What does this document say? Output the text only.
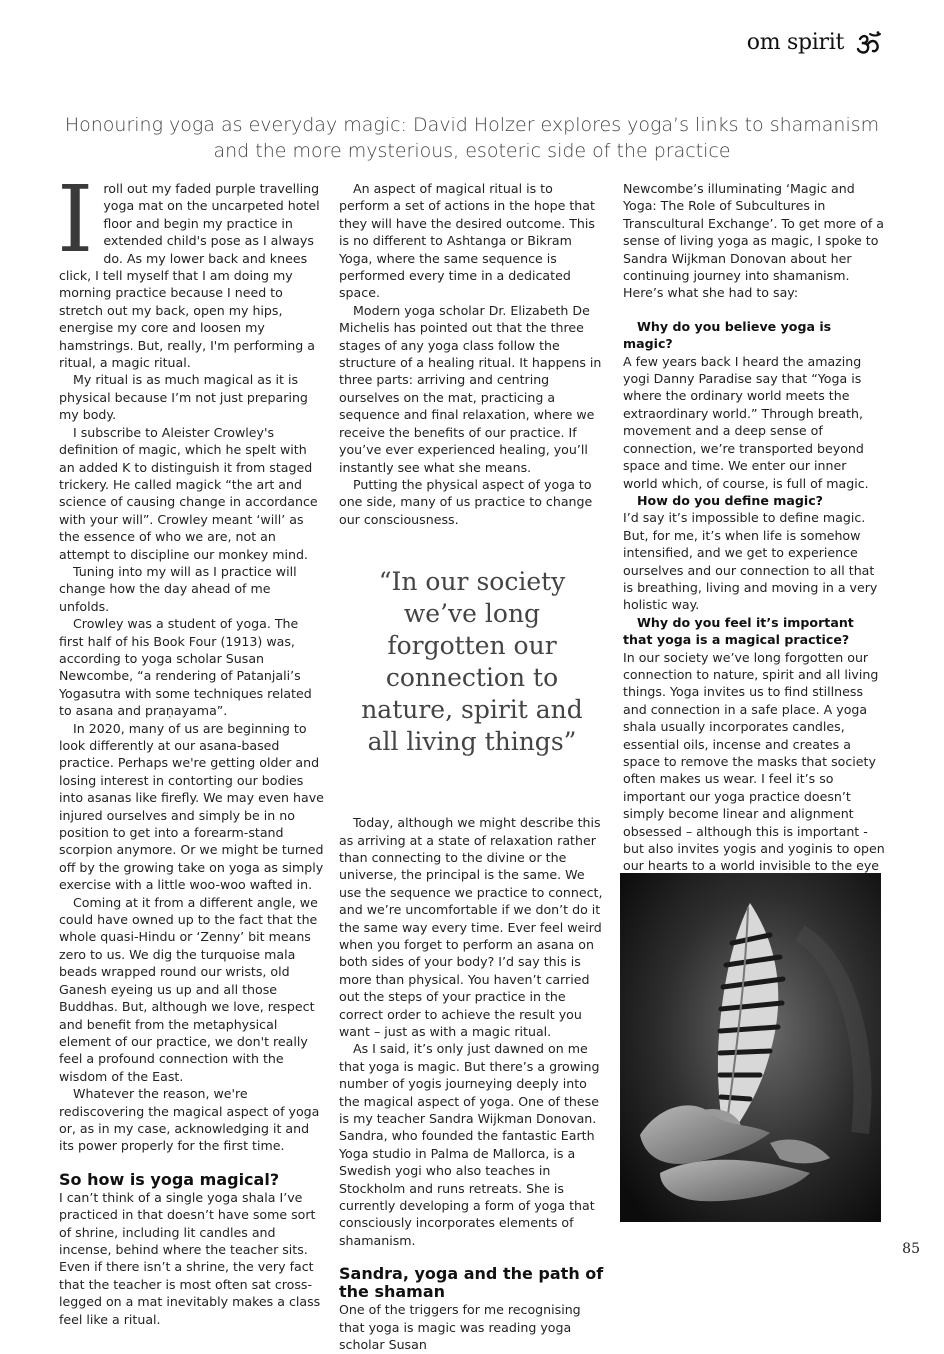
om spirit
Honouring yoga as everyday magic: David Holzer explores yoga’s links to shamanism and the more mysterious, esoteric side of the practice
I roll out my faded purple travelling yoga mat on the uncarpeted hotel floor and begin my practice in extended child's pose as I always do. As my lower back and knees click, I tell myself that I am doing my morning practice because I need to stretch out my back, open my hips, energise my core and loosen my hamstrings. But, really, I'm performing a ritual, a magic ritual.

My ritual is as much magical as it is physical because I’m not just preparing my body.

I subscribe to Aleister Crowley's definition of magic, which he spelt with an added K to distinguish it from staged trickery. He called magick “the art and science of causing change in accordance with your will”. Crowley meant ‘will’ as the essence of who we are, not an attempt to discipline our monkey mind.

Tuning into my will as I practice will change how the day ahead of me unfolds.

Crowley was a student of yoga. The first half of his Book Four (1913) was, according to yoga scholar Susan Newcombe, “a rendering of Patanjali’s Yogasutra with some techniques related to asana and praṇayama”.

In 2020, many of us are beginning to look differently at our asana-based practice. Perhaps we're getting older and losing interest in contorting our bodies into asanas like firefly. We may even have injured ourselves and simply be in no position to get into a forearm-stand scorpion anymore. Or we might be turned off by the growing take on yoga as simply exercise with a little woo-woo wafted in.

Coming at it from a different angle, we could have owned up to the fact that the whole quasi-Hindu or ‘Zenny’ bit means zero to us. We dig the turquoise mala beads wrapped round our wrists, old Ganesh eyeing us up and all those Buddhas. But, although we love, respect and benefit from the metaphysical element of our practice, we don't really feel a profound connection with the wisdom of the East.

Whatever the reason, we're rediscovering the magical aspect of yoga or, as in my case, acknowledging it and its power properly for the first time.

So how is yoga magical?

I can’t think of a single yoga shala I’ve practiced in that doesn’t have some sort of shrine, including lit candles and incense, behind where the teacher sits. Even if there isn’t a shrine, the very fact that the teacher is most often sat cross-legged on a mat inevitably makes a class feel like a ritual.

An aspect of magical ritual is to perform a set of actions in the hope that they will have the desired outcome. This is no different to Ashtanga or Bikram Yoga, where the same sequence is performed every time in a dedicated space.

Modern yoga scholar Dr. Elizabeth De Michelis has pointed out that the three stages of any yoga class follow the structure of a healing ritual. It happens in three parts: arriving and centring ourselves on the mat, practicing a sequence and final relaxation, where we receive the benefits of our practice. If you’ve ever experienced healing, you’ll instantly see what she means.

Putting the physical aspect of yoga to one side, many of us practice to change our consciousness.

“In our society we’ve long forgotten our connection to nature, spirit and all living things”

Today, although we might describe this as arriving at a state of relaxation rather than connecting to the divine or the universe, the principal is the same. We use the sequence we practice to connect, and we’re uncomfortable if we don’t do it the same way every time. Ever feel weird when you forget to perform an asana on both sides of your body? I’d say this is more than physical. You haven’t carried out the steps of your practice in the correct order to achieve the result you want – just as with a magic ritual.

As I said, it’s only just dawned on me that yoga is magic. But there’s a growing number of yogis journeying deeply into the magical aspect of yoga. One of these is my teacher Sandra Wijkman Donovan. Sandra, who founded the fantastic Earth Yoga studio in Palma de Mallorca, is a Swedish yogi who also teaches in Stockholm and runs retreats. She is currently developing a form of yoga that consciously incorporates elements of shamanism.

Sandra, yoga and the path of the shaman

One of the triggers for me recognising that yoga is magic was reading yoga scholar Susan

Newcombe’s illuminating ‘Magic and Yoga: The Role of Subcultures in Transcultural Exchange’. To get more of a sense of living yoga as magic, I spoke to Sandra Wijkman Donovan about her continuing journey into shamanism. Here’s what she had to say:

Why do you believe yoga is magic?

A few years back I heard the amazing yogi Danny Paradise say that “Yoga is where the ordinary world meets the extraordinary world.” Through breath, movement and a deep sense of connection, we’re transported beyond space and time. We enter our inner world which, of course, is full of magic.

How do you define magic?

I’d say it’s impossible to define magic. But, for me, it’s when life is somehow intensified, and we get to experience ourselves and our connection to all that is breathing, living and moving in a very holistic way.

Why do you feel it’s important that yoga is a magical practice?

In our society we’ve long forgotten our connection to nature, spirit and all living things. Yoga invites us to find stillness and connection in a safe place. A yoga shala usually incorporates candles, essential oils, incense and creates a space to remove the masks that society often makes us wear. I feel it’s so important our yoga practice doesn’t simply become linear and alignment obsessed – although this is important - but also invites yogis and yoginis to open our hearts to a world invisible to the eye

85
